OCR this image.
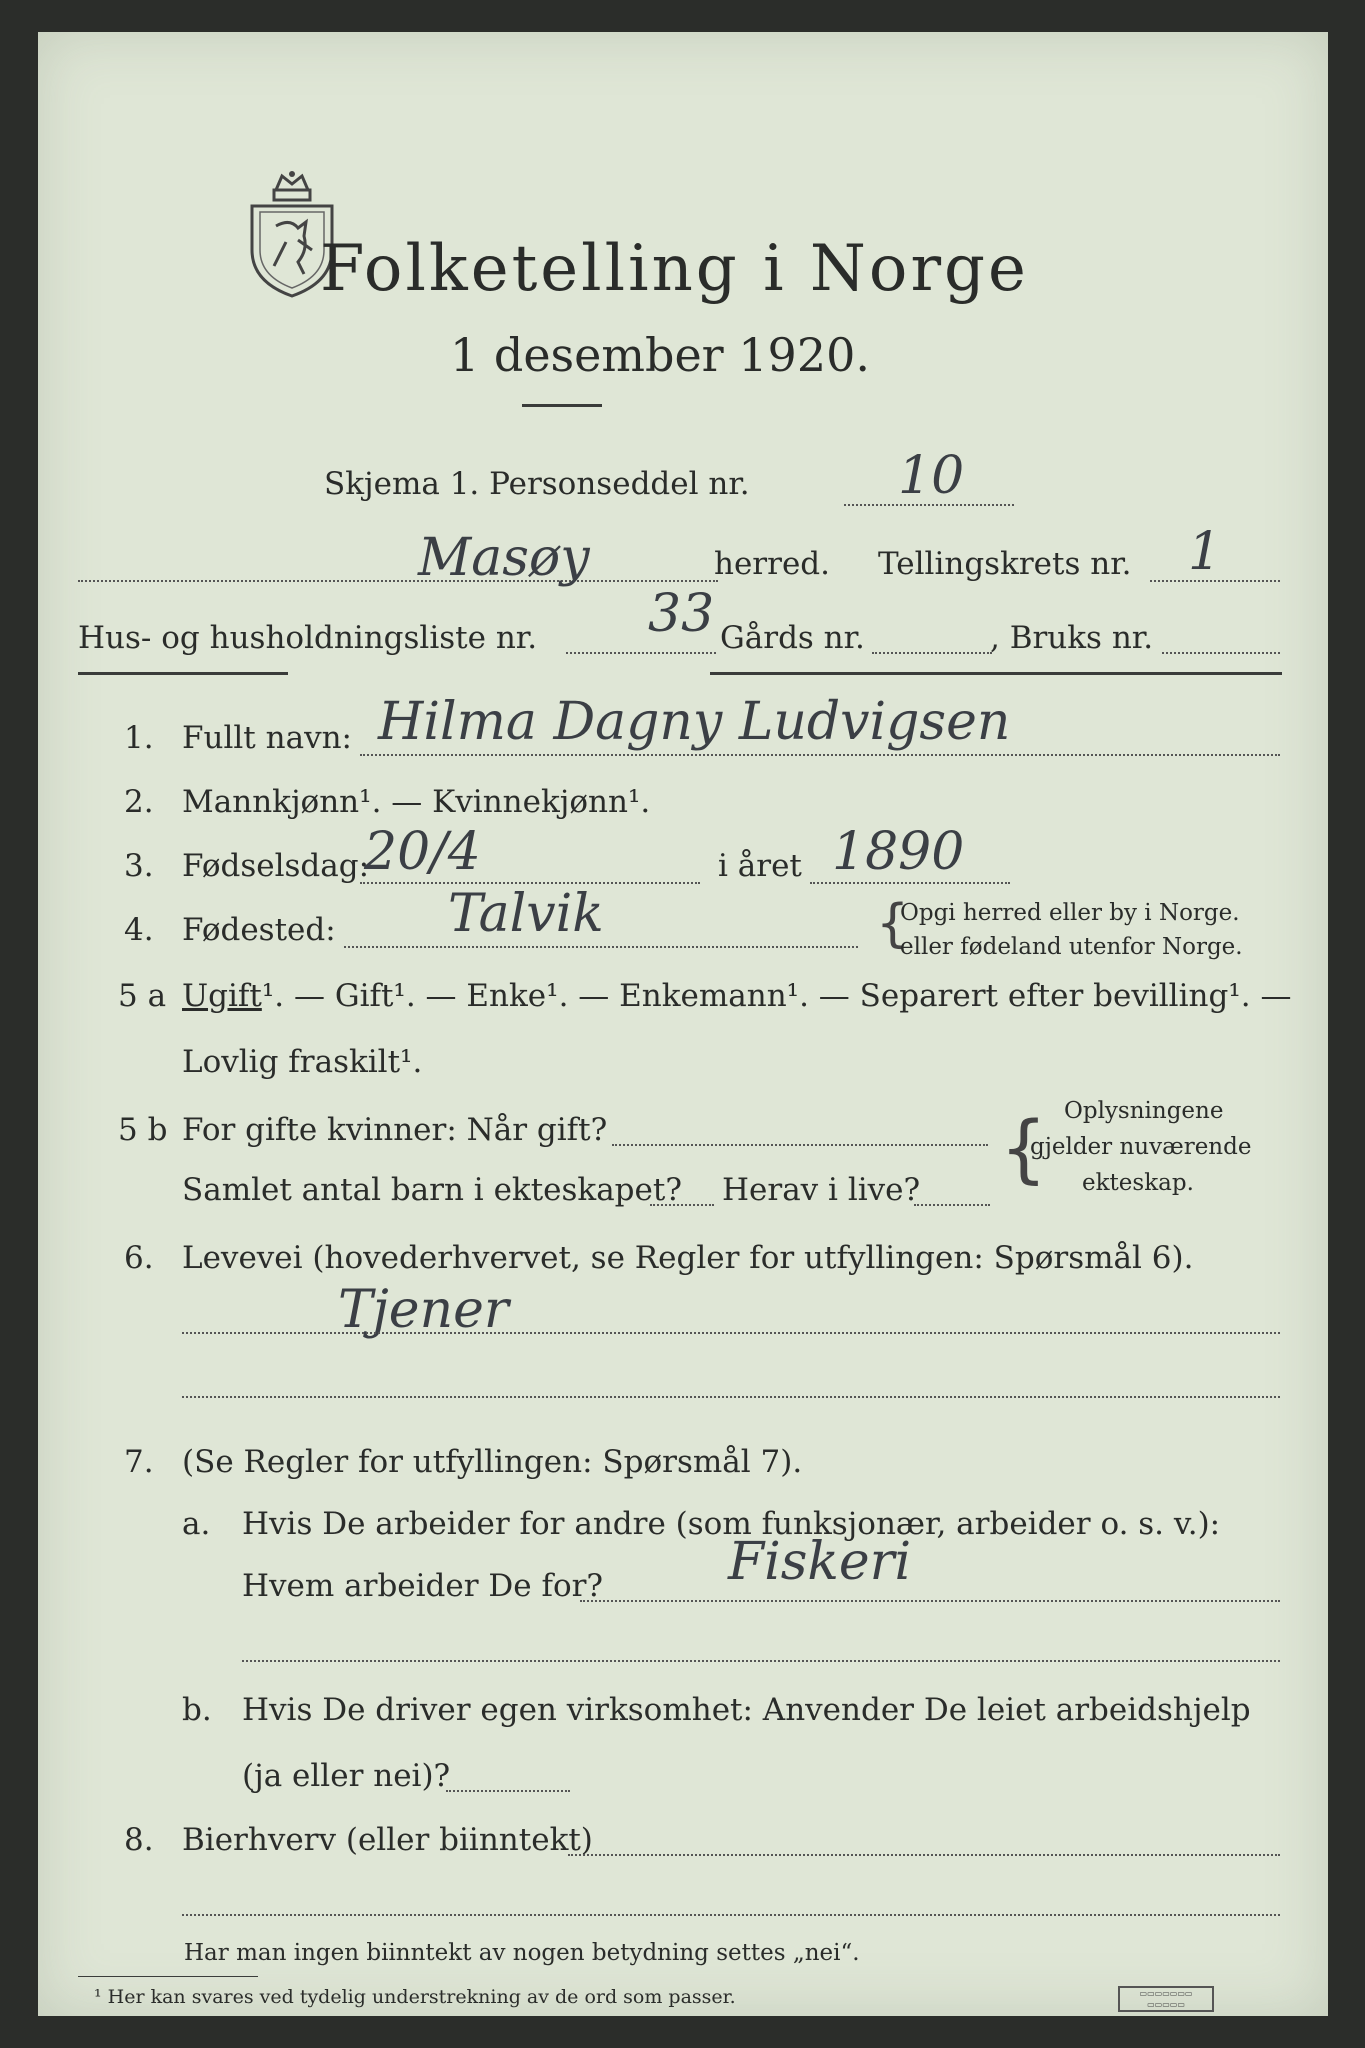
Folketelling i Norge
1 desember 1920.
Skjema 1. Personseddel nr.	10
Masøy	herred. Tellingskrets nr. 1
Hus- og husholdningsliste nr. 33 Gårds nr.	, Bruks nr.
1. Fullt navn: Hilma Dagny Ludvigsen
2. Mannkjønn¹. — Kvinnekjønn¹.
3. Fødselsdag:
20/4	i året 1890
4. Fødested: Talvik	{
Opgi herred eller by i Norge.
eller fødeland utenfor Norge.
5 a Ugift¹. — Gift¹. — Enke¹. — Enkemann¹. — Separert efter bevilling¹. —
Lovlig fraskilt¹.
5 b For gifte kvinner: Når gift?
Samlet antal barn i ekteskapet? Herav i live? { Oplysningene
gjelder nuværende
ekteskap.
6. Levevei (hovederhvervet, se Regler for utfyllingen: Spørsmål 6).
Tjener
7. (Se Regler for utfyllingen: Spørsmål 7).
a. Hvis De arbeider for andre (som funksjonær, arbeider o. s. v.):
Hvem arbeider De for? Fiskeri
b. Hvis De driver egen virksomhet: Anvender De leiet arbeidshjelp
(ja eller nei)?
8. Bierhverv (eller biinntekt)
Har man ingen biinntekt av nogen betydning settes „nei“.
¹ Her kan svares ved tydelig understrekning av de ord som passer.	▭▭▭▭▭▭▭
▭▭▭▭▭
